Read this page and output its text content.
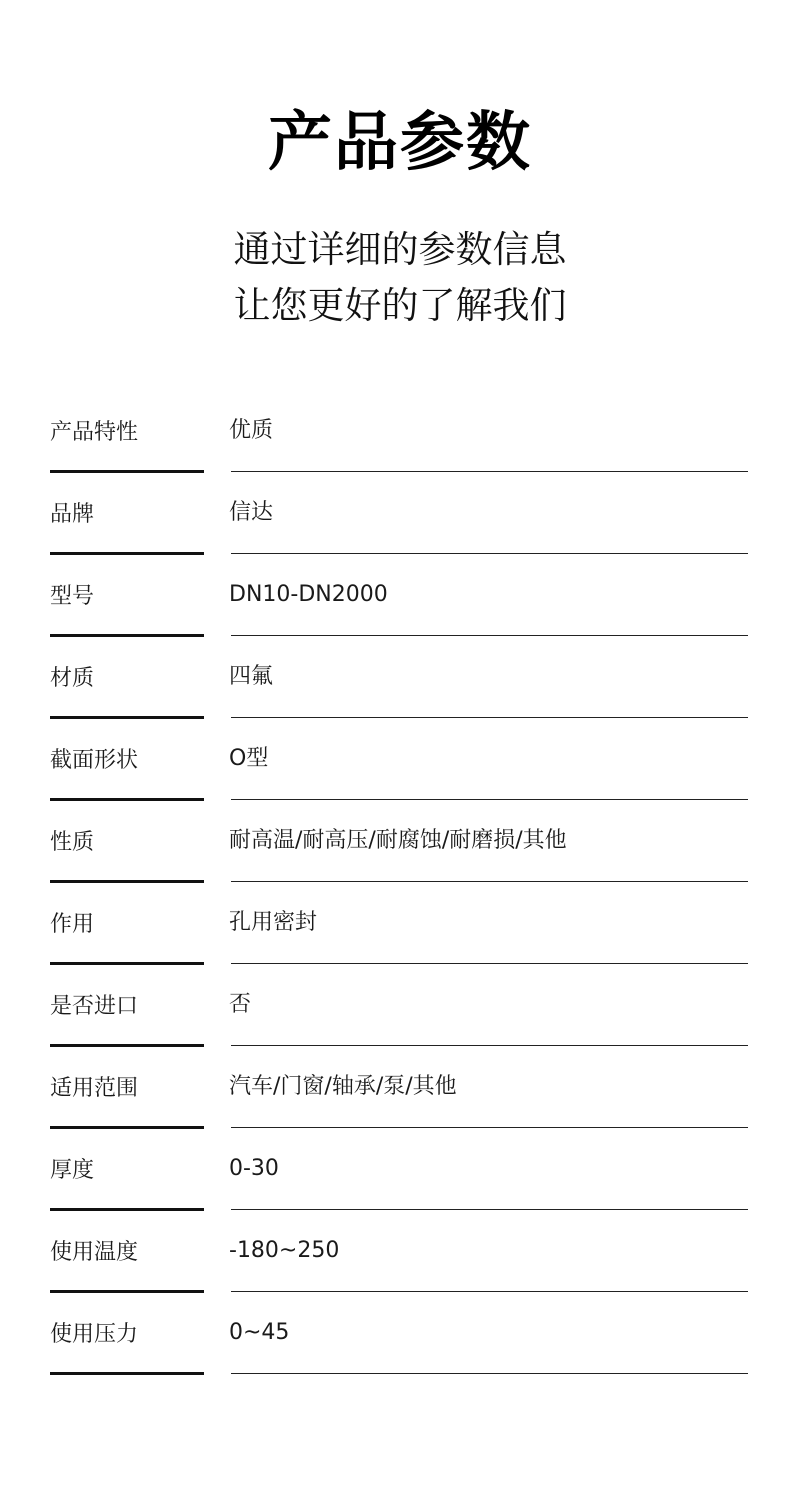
产品参数
通过详细的参数信息
让您更好的了解我们
产品特性	优质
品牌	信达
型号	DN10-DN2000
材质	四氟
截面形状	O型
性质	耐高温/耐高压/耐腐蚀/耐磨损/其他
作用	孔用密封
是否进口	否
适用范围	汽车/门窗/轴承/泵/其他
厚度	0-30
使用温度	-180~250
使用压力	0~45
